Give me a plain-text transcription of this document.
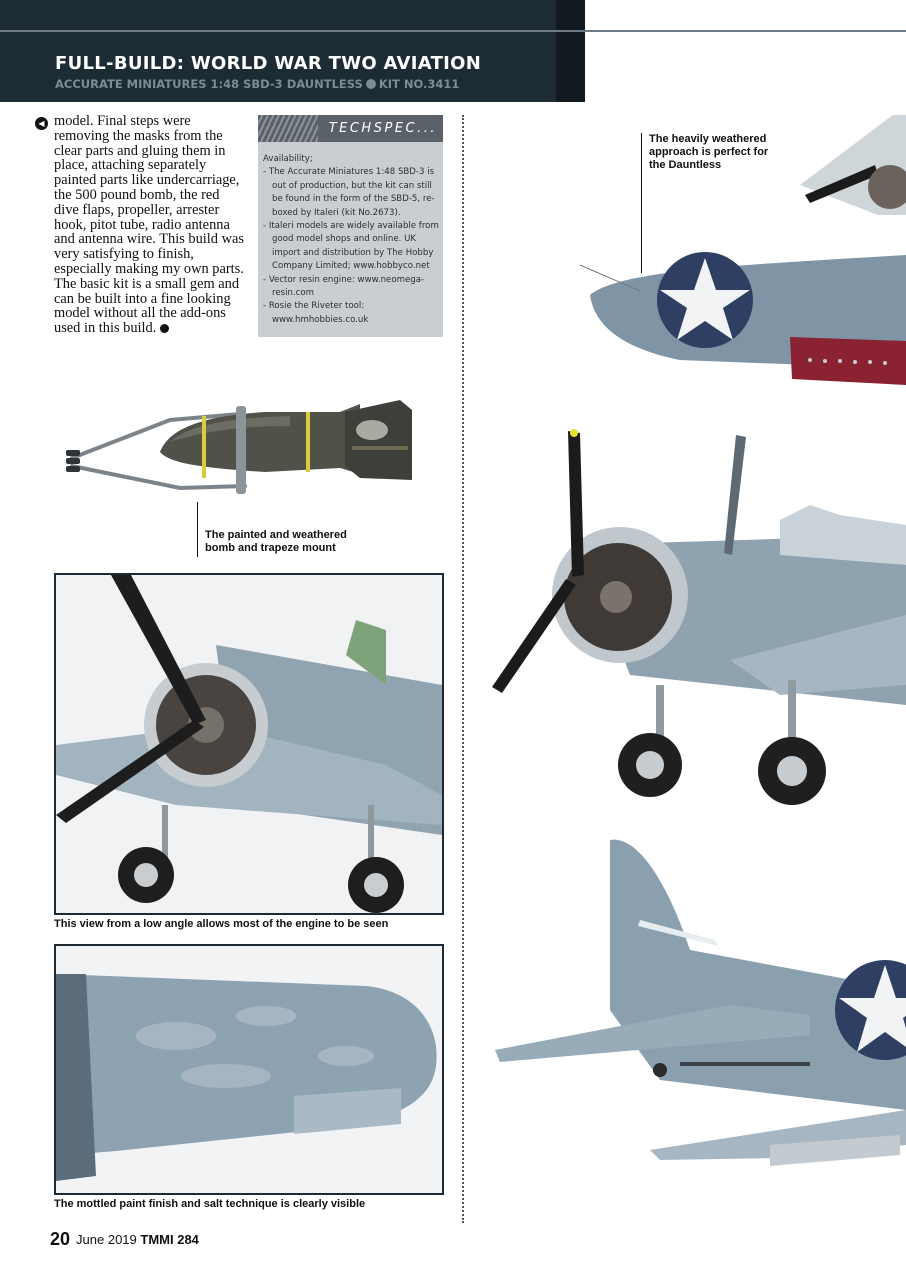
FULL-BUILD: WORLD WAR TWO AVIATION
ACCURATE MINIATURES 1:48 SBD-3 DAUNTLESS KIT NO.3411
◀ model. Final steps were removing the masks from the clear parts and gluing them in place, attaching separately painted parts like undercarriage, the 500 pound bomb, the red dive flaps, propeller, arrester hook, pitot tube, radio antenna and antenna wire. This build was very satisfying to finish, especially making my own parts. The basic kit is a small gem and can be built into a fine looking model without all the add-ons used in this build.
TECHSPEC...
Availability;
- The Accurate Miniatures 1:48 SBD-3 is out of production, but the kit can still be found in the form of the SBD-5, re-boxed by Italeri (kit No.2673).
- Italeri models are widely available from good model shops and online. UK import and distribution by The Hobby Company Limited; www.hobbyco.net
- Vector resin engine: www.neomega-resin.com
- Rosie the Riveter tool: www.hmhobbies.co.uk
The painted and weathered bomb and trapeze mount
This view from a low angle allows most of the engine to be seen
The mottled paint finish and salt technique is clearly visible
The heavily weathered approach is perfect for the Dauntless
20 June 2019 TMMI 284
